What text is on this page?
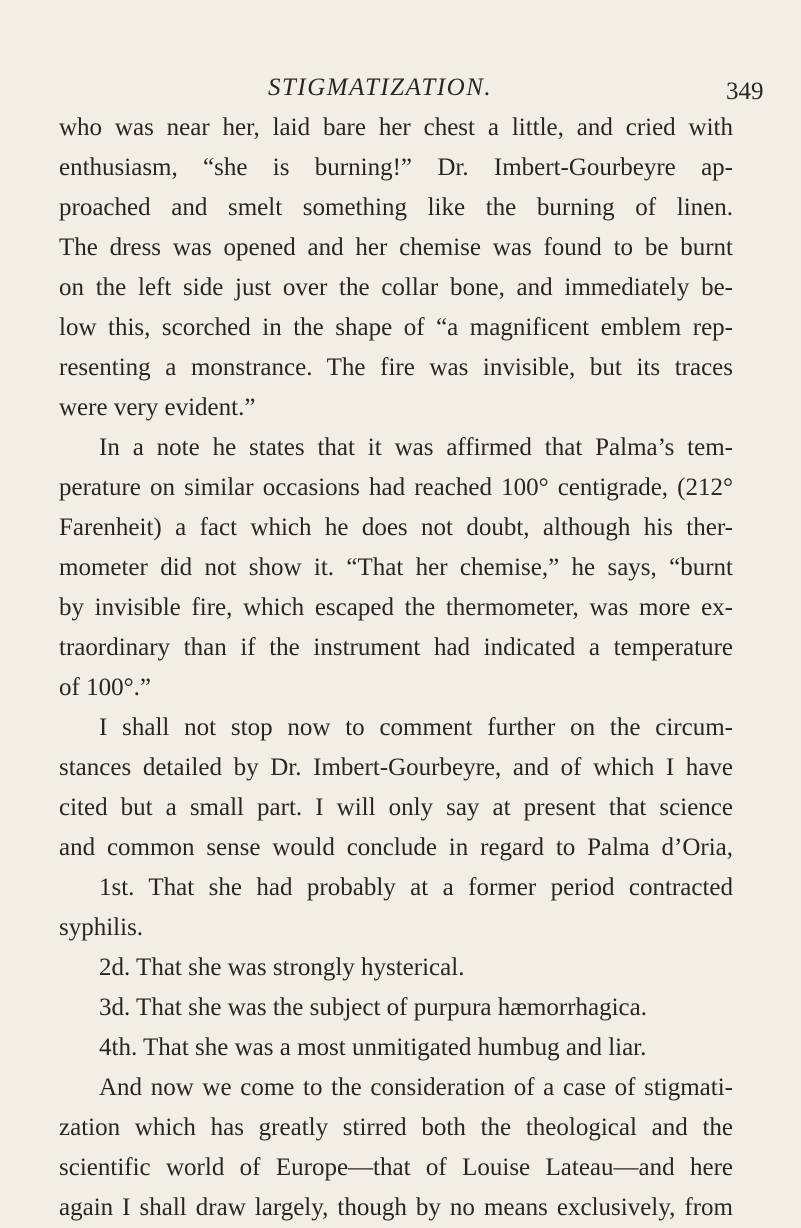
STIGMATIZATION.	349
who was near her, laid bare her chest a little, and cried with
enthusiasm, “she is burning!” Dr. Imbert-Gourbeyre ap-
proached and smelt something like the burning of linen.
The dress was opened and her chemise was found to be burnt
on the left side just over the collar bone, and immediately be-
low this, scorched in the shape of “a magnificent emblem rep-
resenting a monstrance. The fire was invisible, but its traces
were very evident.”
In a note he states that it was affirmed that Palma’s tem-
perature on similar occasions had reached 100° centigrade, (212°
Farenheit) a fact which he does not doubt, although his ther-
mometer did not show it. “That her chemise,” he says, “burnt
by invisible fire, which escaped the thermometer, was more ex-
traordinary than if the instrument had indicated a temperature
of 100°.”
I shall not stop now to comment further on the circum-
stances detailed by Dr. Imbert-Gourbeyre, and of which I have
cited but a small part. I will only say at present that science
and common sense would conclude in regard to Palma d’Oria,
1st. That she had probably at a former period contracted
syphilis.
2d. That she was strongly hysterical.
3d. That she was the subject of purpura hæmorrhagica.
4th. That she was a most unmitigated humbug and liar.
And now we come to the consideration of a case of stigmati-
zation which has greatly stirred both the theological and the
scientific world of Europe—that of Louise Lateau—and here
again I shall draw largely, though by no means exclusively, from
